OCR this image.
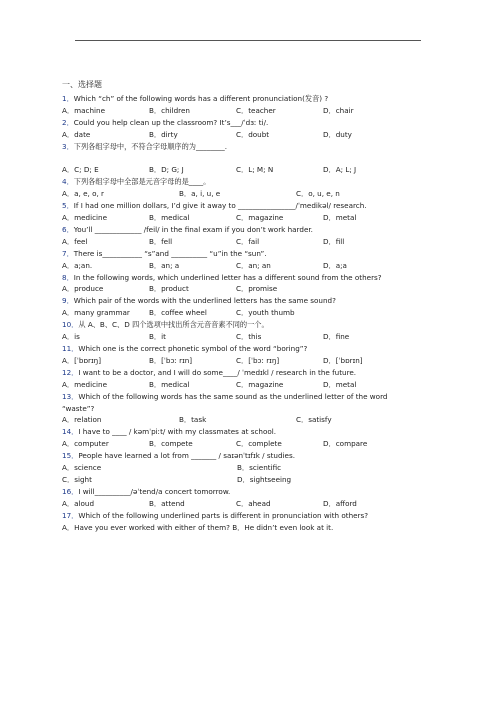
一、选择题
1．Which “ch” of the following words has a different pronunciation(发音) ?
A．machine	B．children	C．teacher	D．chair
2．Could you help clean up the classroom? It’s___/ˈdɜː ti/.
A．date	B．dirty	C．doubt	D．duty
3．下列各组字母中，不符合字母顺序的为________.
A．C; D; E	B．D; G; J	C．L; M; N	D．A; L; J
4．下列各组字母中全部是元音字母的是____。
A．a, e, o, r	B．a, i, u, e	C．o, u, e, n
5．If I had one million dollars, I’d give it away to ________________/ˈmedikəl/ research.
A．medicine	B．medical	C．magazine	D．metal
6．You’ll _____________ /feil/ in the final exam if you don’t work harder.
A．feel	B．fell	C．fail	D．fill
7．There is___________ “s”and __________ “u”in the “sun”.
A．a;an.	B．an; a	C．an; an	D．a;a
8．In the following words, which underlined letter has a different sound from the others?
A．produce	B．product	C．promise
9．Which pair of the words with the underlined letters has the same sound?
A．many grammar	B．coffee wheel	C．youth thumb
10．从 A、B、C、D 四个选项中找出所含元音音素不同的一个。
A．is	B．it	C．this	D．fine
11．Which one is the correct phonetic symbol of the word “boring”?
A．[ˈbɒrɪŋ]	B．[ˈbɔː rɪn]	C．[ˈbɔː rɪŋ]	D．[ˈbɒrɪn]
12．I want to be a doctor, and I will do some____/ ˈmedɪkl / research in the future.
A．medicine	B．medical	C．magazine	D．metal
13．Which of the following words has the same sound as the underlined letter of the word
“waste”?
A．relation	B．task	C．satisfy
14．I have to ____ / kəmˈpiːt/ with my classmates at school.
A．computer	B．compete	C．complete	D．compare
15．People have learned a lot from _______ / saɪənˈtɪfɪk / studies.
A．science	B．scientific
C．sight	D．sightseeing
16．I will__________/əˈtend/a concert tomorrow.
A．aloud	B．attend	C．ahead	D．afford
17．Which of the following underlined parts is different in pronunciation with others?
A．Have you ever worked with either of them? B．He didn’t even look at it.
